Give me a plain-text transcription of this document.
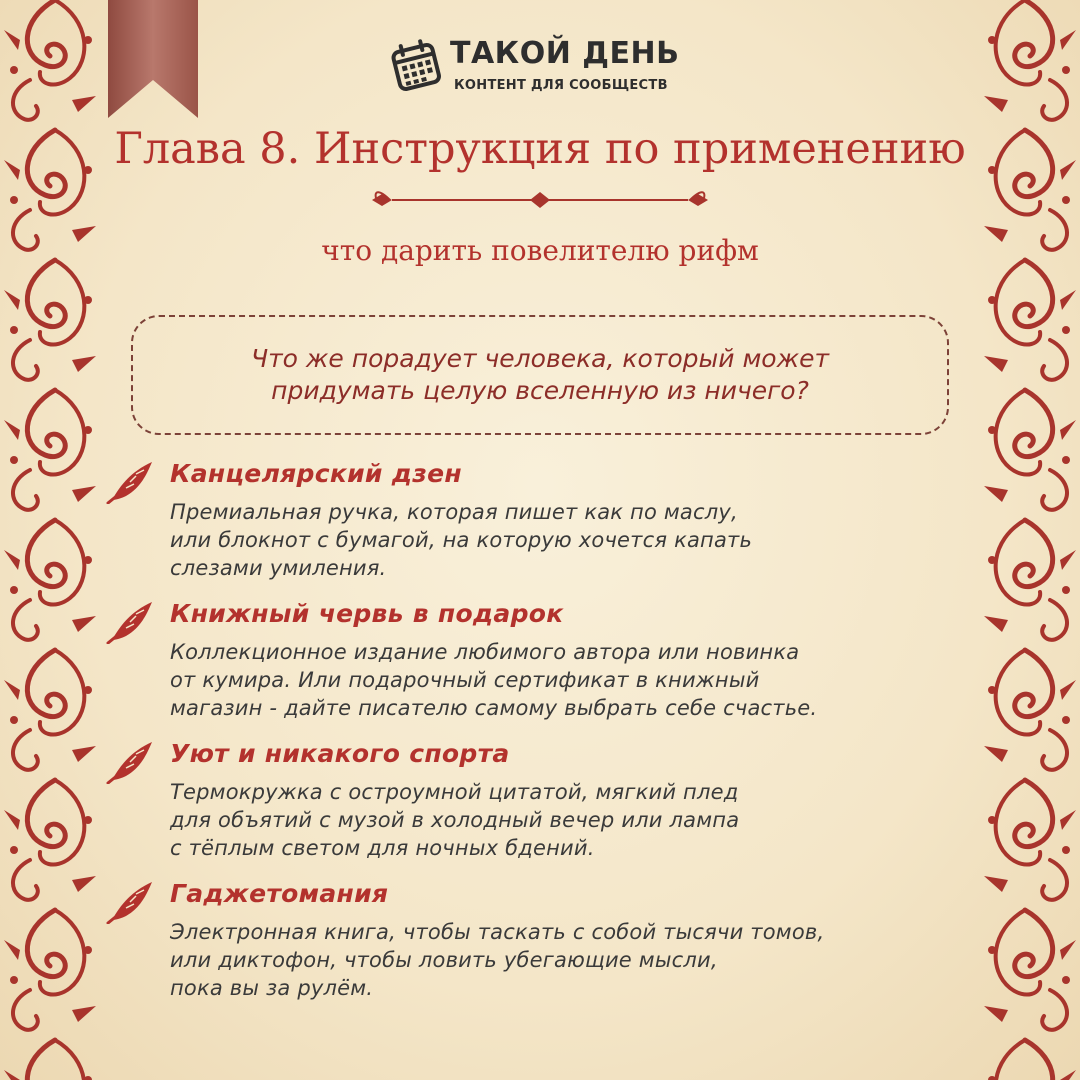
ТАКОЙ ДЕНЬ
КОНТЕНТ ДЛЯ СООБЩЕСТВ
Глава 8. Инструкция по применению
что дарить повелителю рифм
Что же порадует человека, который может придумать целую вселенную из ничего?
Канцелярский дзен
Премиальная ручка, которая пишет как по маслу,
или блокнот с бумагой, на которую хочется капать
слезами умиления.
Книжный червь в подарок
Коллекционное издание любимого автора или новинка
от кумира. Или подарочный сертификат в книжный
магазин - дайте писателю самому выбрать себе счастье.
Уют и никакого спорта
Термокружка с остроумной цитатой, мягкий плед
для объятий с музой в холодный вечер или лампа
с тёплым светом для ночных бдений.
Гаджетомания
Электронная книга, чтобы таскать с собой тысячи томов,
или диктофон, чтобы ловить убегающие мысли,
пока вы за рулём.
